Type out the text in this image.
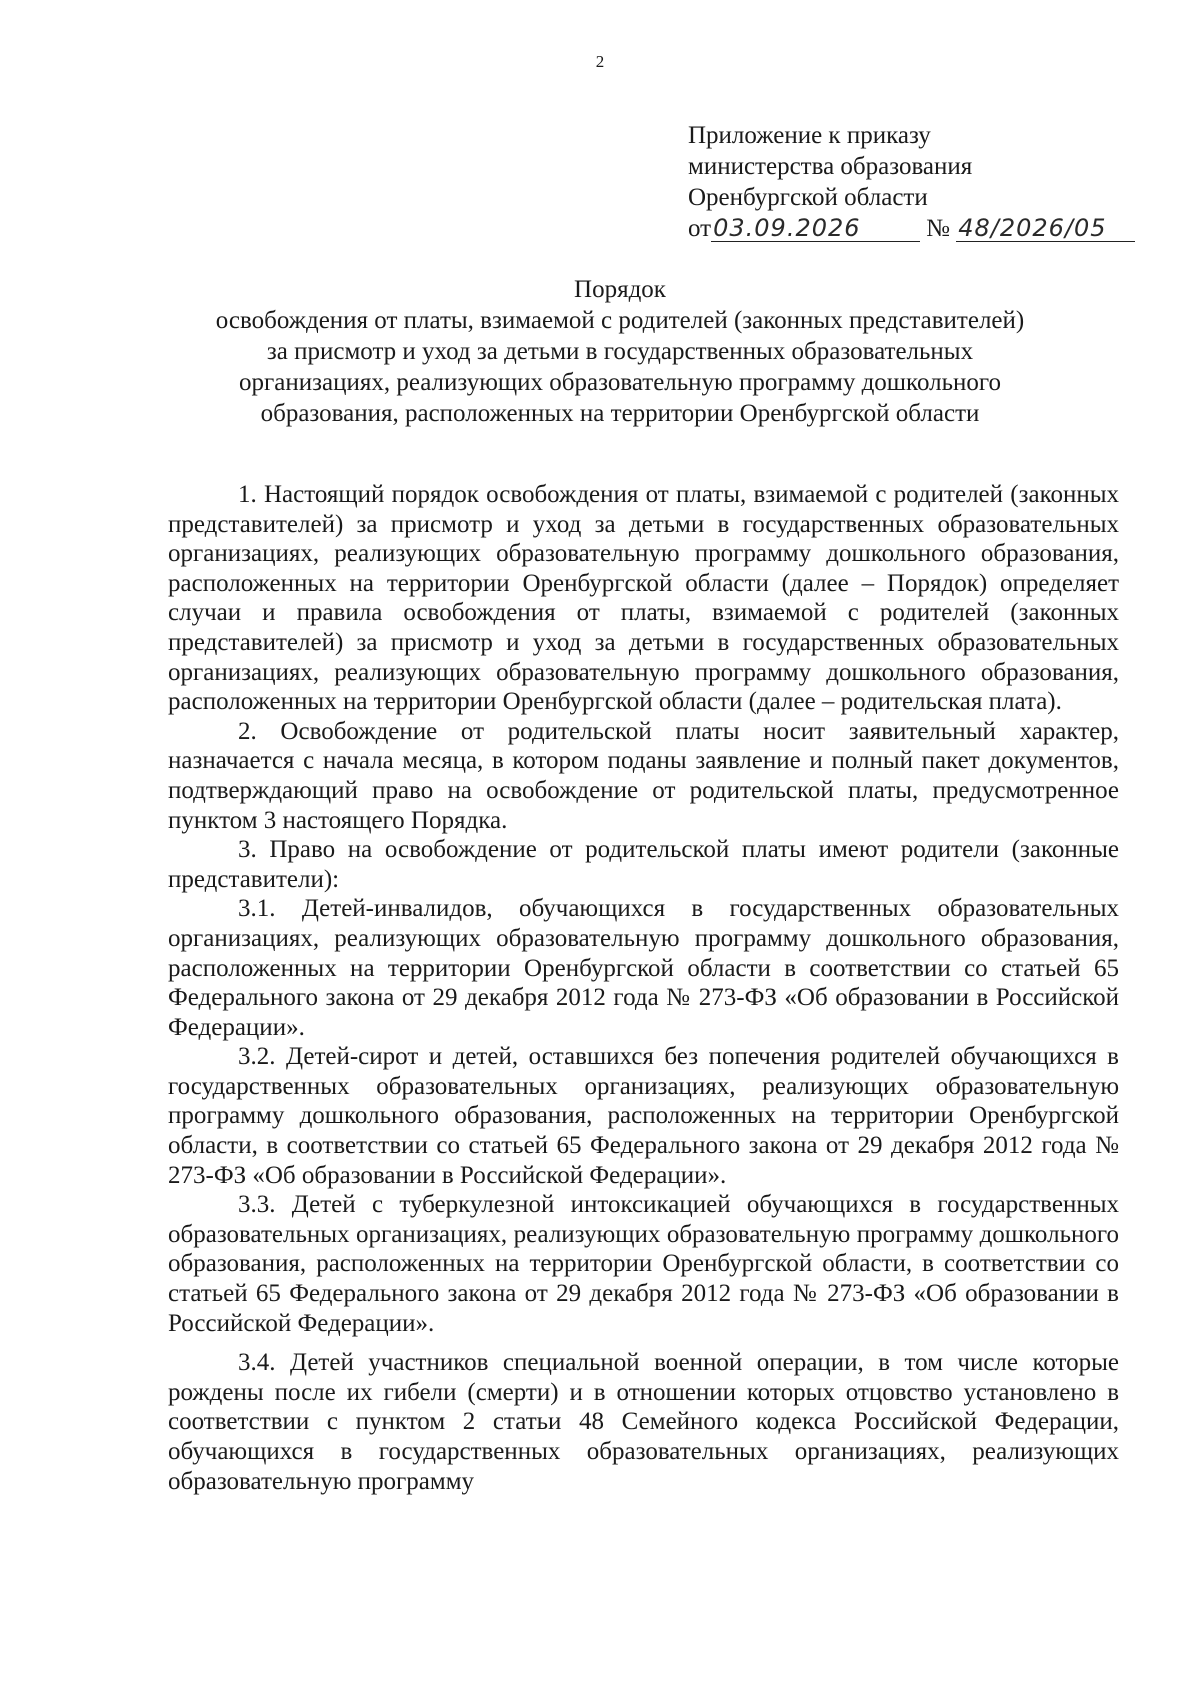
2
Приложение к приказу
министерства образования
Оренбургской области
от03.09.2026	№ 48/2026/05
Порядок
освобождения от платы, взимаемой с родителей (законных представителей)
за присмотр и уход за детьми в государственных образовательных
организациях, реализующих образовательную программу дошкольного
образования, расположенных на территории Оренбургской области

1. Настоящий порядок освобождения от платы, взимаемой с родителей (законных представителей) за присмотр и уход за детьми в государственных образовательных организациях, реализующих образовательную программу дошкольного образования, расположенных на территории Оренбургской области (далее – Порядок) определяет случаи и правила освобождения от платы, взимаемой с родителей (законных представителей) за присмотр и уход за детьми в государственных образовательных организациях, реализующих образовательную программу дошкольного образования, расположенных на территории Оренбургской области (далее – родительская плата).

2. Освобождение от родительской платы носит заявительный характер, назначается с начала месяца, в котором поданы заявление и полный пакет документов, подтверждающий право на освобождение от родительской платы, предусмотренное пунктом 3 настоящего Порядка.

3. Право на освобождение от родительской платы имеют родители (законные представители):

3.1. Детей-инвалидов, обучающихся в государственных образовательных организациях, реализующих образовательную программу дошкольного образования, расположенных на территории Оренбургской области в соответствии со статьей 65 Федерального закона от 29 декабря 2012 года № 273-ФЗ «Об образовании в Российской Федерации».

3.2. Детей-сирот и детей, оставшихся без попечения родителей обучающихся в государственных образовательных организациях, реализующих образовательную программу дошкольного образования, расположенных на территории Оренбургской области, в соответствии со статьей 65 Федерального закона от 29 декабря 2012 года № 273-ФЗ «Об образовании в Российской Федерации».

3.3. Детей с туберкулезной интоксикацией обучающихся в государственных образовательных организациях, реализующих образовательную программу дошкольного образования, расположенных на территории Оренбургской области, в соответствии со статьей 65 Федерального закона от 29 декабря 2012 года № 273-ФЗ «Об образовании в Российской Федерации».

3.4. Детей участников специальной военной операции, в том числе которые рождены после их гибели (смерти) и в отношении которых отцовство установлено в соответствии с пунктом 2 статьи 48 Семейного кодекса Российской Федерации, обучающихся в государственных образовательных организациях, реализующих образовательную программу
